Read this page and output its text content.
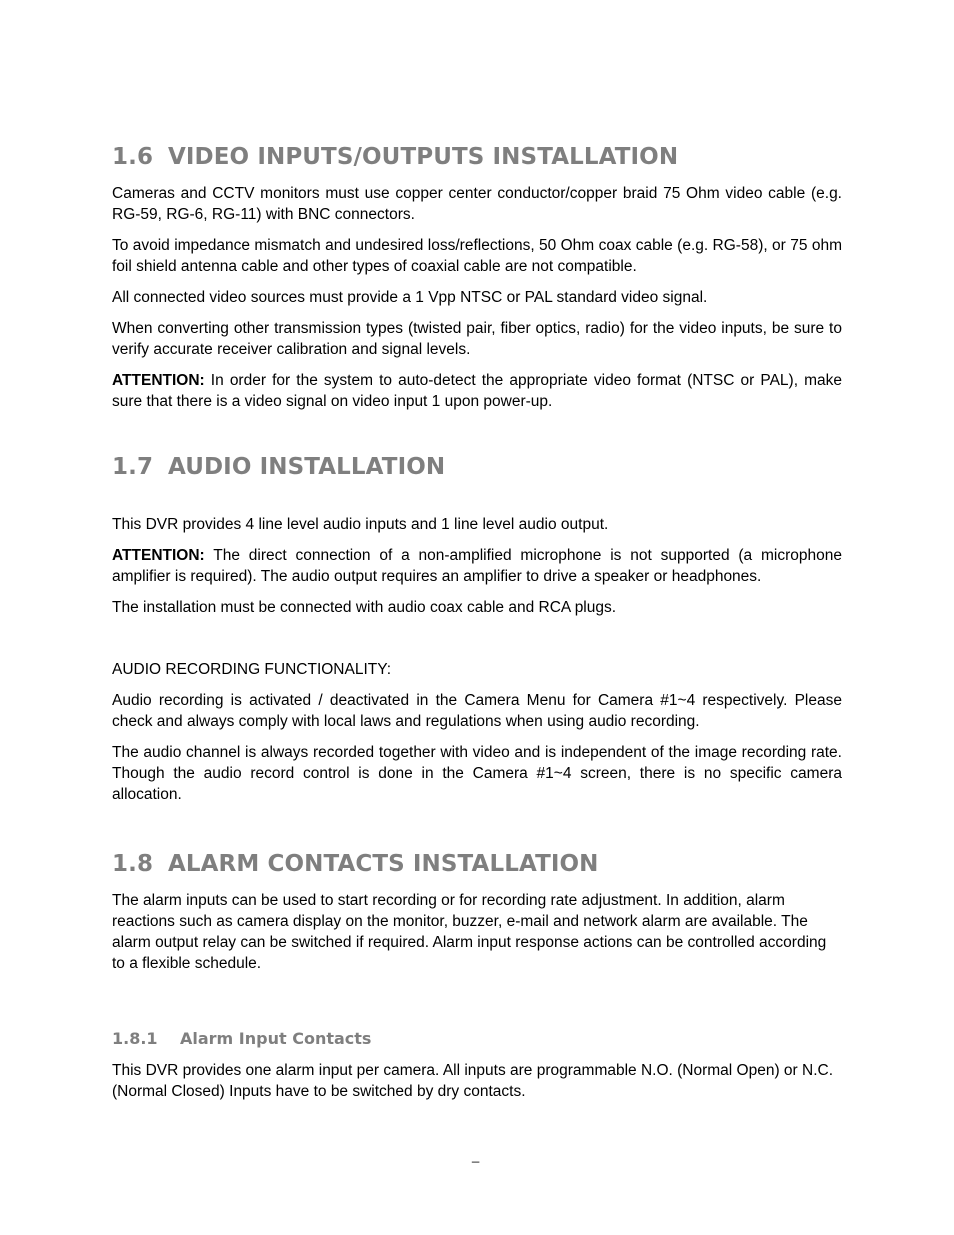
1.6 VIDEO INPUTS/OUTPUTS INSTALLATION

Cameras and CCTV monitors must use copper center conductor/copper braid 75 Ohm video cable (e.g. RG-59, RG-6, RG-11) with BNC connectors.

To avoid impedance mismatch and undesired loss/reflections, 50 Ohm coax cable (e.g. RG-58), or 75 ohm foil shield antenna cable and other types of coaxial cable are not compatible.

All connected video sources must provide a 1 Vpp NTSC or PAL standard video signal.

When converting other transmission types (twisted pair, fiber optics, radio) for the video inputs, be sure to verify accurate receiver calibration and signal levels.

ATTENTION: In order for the system to auto-detect the appropriate video format (NTSC or PAL), make sure that there is a video signal on video input 1 upon power-up.

1.7 AUDIO INSTALLATION

This DVR provides 4 line level audio inputs and 1 line level audio output.

ATTENTION: The direct connection of a non-amplified microphone is not supported (a microphone amplifier is required). The audio output requires an amplifier to drive a speaker or headphones.

The installation must be connected with audio coax cable and RCA plugs.

AUDIO RECORDING FUNCTIONALITY:

Audio recording is activated / deactivated in the Camera Menu for Camera #1~4 respectively. Please check and always comply with local laws and regulations when using audio recording.

The audio channel is always recorded together with video and is independent of the image recording rate. Though the audio record control is done in the Camera #1~4 screen, there is no specific camera allocation.

1.8 ALARM CONTACTS INSTALLATION

The alarm inputs can be used to start recording or for recording rate adjustment. In addition, alarm reactions such as camera display on the monitor, buzzer, e-mail and network alarm are available. The alarm output relay can be switched if required. Alarm input response actions can be controlled according to a flexible schedule.

1.8.1 Alarm Input Contacts

This DVR provides one alarm input per camera. All inputs are programmable N.O. (Normal Open) or N.C. (Normal Closed) Inputs have to be switched by dry contacts.

_
